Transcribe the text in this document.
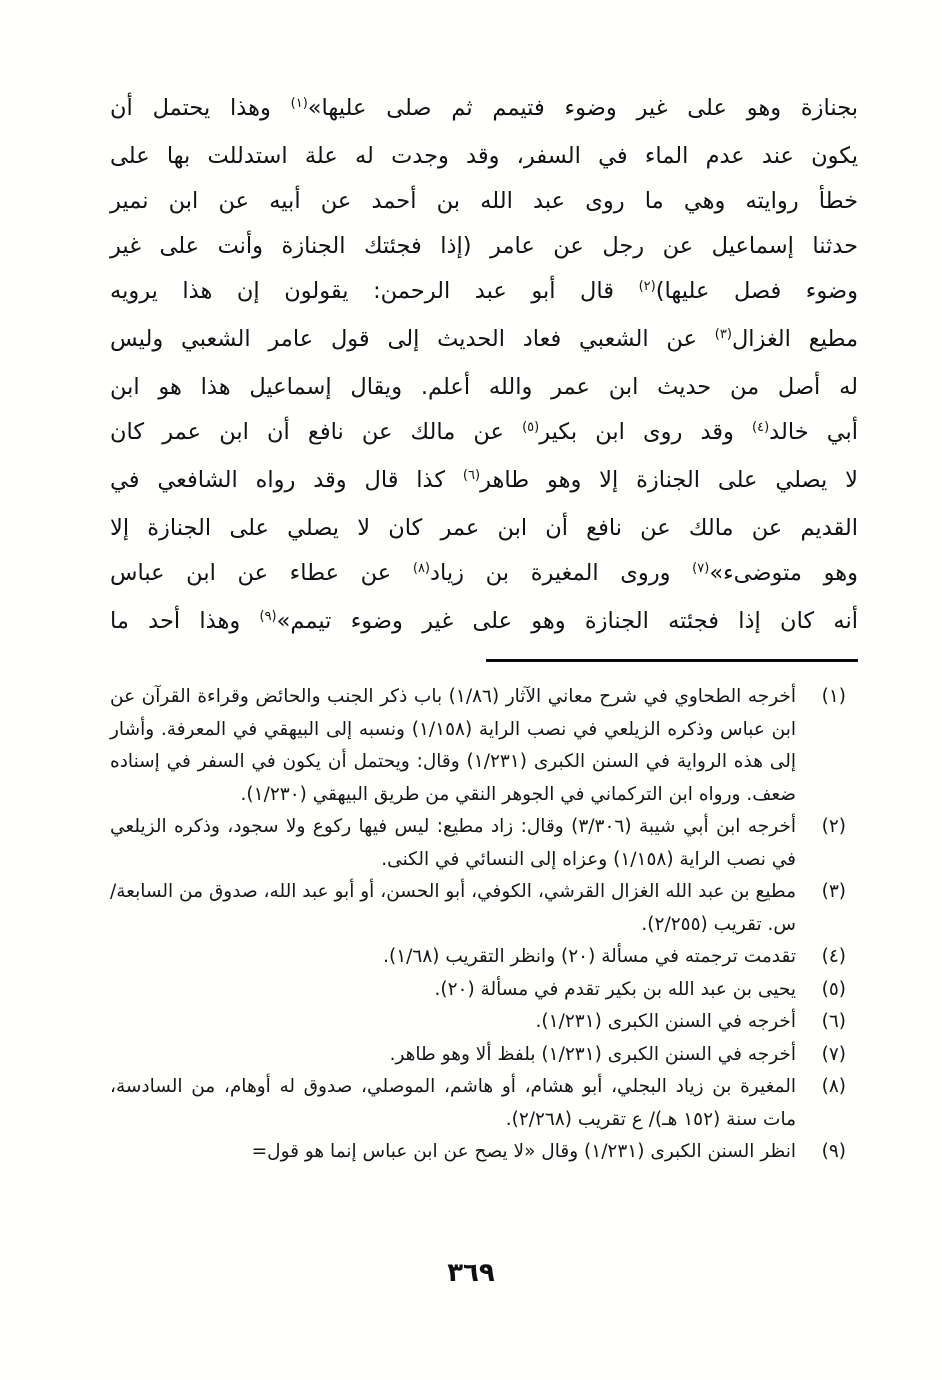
بجنازة وهو على غير وضوء فتيمم ثم صلى عليها»$^{(١)}$ وهذا يحتمل أن
يكون عند عدم الماء في السفر، وقد وجدت له علة استدللت بها على
خطأ روايته وهي ما روى عبد الله بن أحمد عن أبيه عن ابن نمير
حدثنا إسماعيل عن رجل عن عامر (إذا فجئتك الجنازة وأنت على غير
وضوء فصل عليها)$^{(٢)}$ قال أبو عبد الرحمن: يقولون إن هذا يرويه
مطيع الغزال$^{(٣)}$ عن الشعبي فعاد الحديث إلى قول عامر الشعبي وليس
له أصل من حديث ابن عمر والله أعلم. ويقال إسماعيل هذا هو ابن
أبي خالد$^{(٤)}$ وقد روى ابن بكير$^{(٥)}$ عن مالك عن نافع أن ابن عمر كان
لا يصلي على الجنازة إلا وهو طاهر$^{(٦)}$ كذا قال وقد رواه الشافعي في
القديم عن مالك عن نافع أن ابن عمر كان لا يصلي على الجنازة إلا
وهو متوضىء»$^{(٧)}$ وروى المغيرة بن زياد$^{(٨)}$ عن عطاء عن ابن عباس
أنه كان إذا فجئته الجنازة وهو على غير وضوء تيمم»$^{(٩)}$ وهذا أحد ما
(١)
أخرجه الطحاوي في شرح معاني الآثار (١/٨٦) باب ذكر الجنب والحائض وقراءة القرآن عن ابن عباس وذكره الزيلعي في نصب الراية (١/١٥٨) ونسبه إلى البيهقي في المعرفة. وأشار إلى هذه الرواية في السنن الكبرى (١/٢٣١) وقال: ويحتمل أن يكون في السفر في إسناده ضعف. ورواه ابن التركماني في الجوهر النقي من طريق البيهقي (١/٢٣٠).
(٢)
أخرجه ابن أبي شيبة (٣/٣٠٦) وقال: زاد مطيع: ليس فيها ركوع ولا سجود، وذكره الزيلعي في نصب الراية (١/١٥٨) وعزاه إلى النسائي في الكنى.
(٣)
مطيع بن عبد الله الغزال القرشي، الكوفي، أبو الحسن، أو أبو عبد الله، صدوق من السابعة/ س. تقريب (٢/٢٥٥).
(٤)
تقدمت ترجمته في مسألة (٢٠) وانظر التقريب (١/٦٨).
(٥)
يحيى بن عبد الله بن بكير تقدم في مسألة (٢٠).
(٦)
أخرجه في السنن الكبرى (١/٢٣١).
(٧)
أخرجه في السنن الكبرى (١/٢٣١) بلفظ ألا وهو طاهر.
(٨)
المغيرة بن زياد البجلي، أبو هشام، أو هاشم، الموصلي، صدوق له أوهام، من السادسة، مات سنة (١٥٢ هـ)/ ع تقريب (٢/٢٦٨).
(٩)
انظر السنن الكبرى (١/٢٣١) وقال «لا يصح عن ابن عباس إنما هو قول=
٣٦٩
